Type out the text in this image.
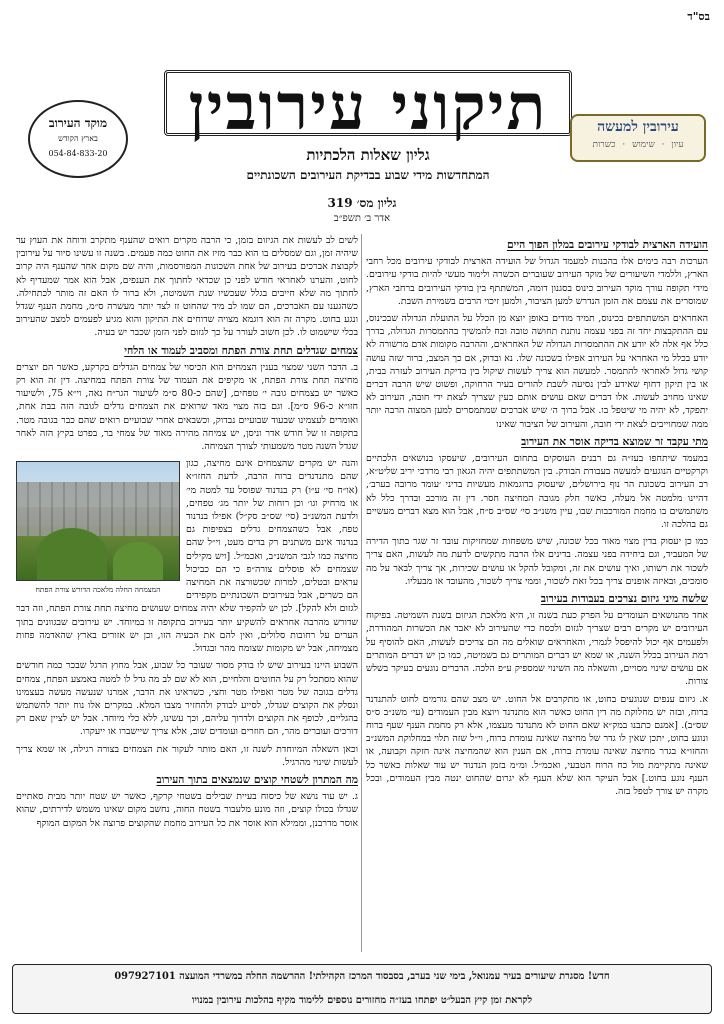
בס"ד
תיקוני עירובין
גליון שאלות הלכתיות
המתחדשות מידי שבוע בבדיקת העירובים השכונתיים
עירובין למעשה
עיון · שימוש · כשרות
מוקד העירוב
בארץ הקודש
054-84-833-20
גליון מס׳ 319
אדר ב׳ תשפ״ב
הועידה הארצית לבודקי עירובים במלון הפוך היים

הערכות רבה בימים אלו בהכנות למעמד הגדול של הועידה הארצית לבודקי עירובים מכל רחבי הארץ, וללמדי השיעורים של מוקד העירוב שעוברים הכשרה ולימוד מעשי להיות בודקי עירובים. מידי תקופה עורך מוקד העירוב כינוס בסגנון דומה, המשתתף בין בודקי העירובים ברחבי הארץ, שמוסרים את עצמם את הזמן הנדרש למען הציבור, ולמען זיכוי הרבים בשמירת השבת.

האחראים המשתתפים בכינוס, תמיד מודים באופן יוצא מן הכלל על התועלת הגדולה שבכינוס, עם ההתקבצות יחד זה בפני עצמה נותנת תחושה טובה וכח להמשיך בהתמסרות הגדולה, בדרך כלל אף אלה לא יודע את ההתמסרות הגדולה של האחראים, וההרבה מקומות אדם מרשורה לא יודע בכלל מי האחראי על העירוב אפילו בשכונה שלו. נא ובדוק, אם כך המצב, ברור שזה עושה קושי גדול לאחראי להתמסר. למעשה הוא צריך לעשות שיקול בין בדיקת העירוב לעזרה בבית, או בין תיקון דחוף שאידע לבין נסיעה לשבת להורים בעיר הרחוקה, ופשוט שיש הרבה דברים שאינו מחויב לעשות. אלו דברים שאם עושים אותם כעין שצריך לצאת ידי חובה, העירוב לא יתפקד, לא יהיה מי שיטפל בו. אבל ברוך ה׳ שיש אברכים שמתמסרים למען המצוה הרבה יותר ממה שמחוייבים לצאת ידי חובה, והעירוב של הציבור שאינו

מתי עקבד זר שמוצא בדיקה אוסר את העירוב

במעמד שיתחפו בעז״ה גם רבנים העוסקים בתחום העירובים, שיעסקו בנושאים הלכתיים וקרקטיים הנוגעים למעשה בעבודת הבודק. בין המשתתפים יהיה הגאון רבי מרדכי יריב שליט״א, רב העירוב בשכונת הר נוף בירושלים, שיעסוק בדוגמאות מעשיות בדיני ׳עומד מרובה בערב׳, דהיינו מלמטה אל מעלה, כאשר חלק מגובה המחיצה חסר. דין זה מורכב ובדרך כלל לא משתמשים בו מחמת המורכבות שבו, עיין משנ״ב סי׳ שס״ב ס״ח, אבל הוא מצא דברים מעשיים גם בהלכה זו.

כמו כן יעסוק בדין מצוי מאוד בכל שכונה, שיש משפחות שמחזיקות עובד זר שגר בתוך הדירה של המעביד, וגם ביחידה בפני עצמה. בדינים אלו הרבה מתקשים לדעת מה לעשות, האם צריך לשכור את רשותו, ואיך עושים את זה, ומקובל להקל או עושים שכירות, אך צריך לבאר על מה סומכים, ובאיזה אופנים צריך בכל זאת לשכור, וממי צריך לשכור, מהעובד או מבעליו.

שלשה מיני גיזום נצרכים בעבודות בעירוב

אחד מהנושאים העומדים על הפרק כעת בשנה זו, היא מלאכת הגיזום בשנת השמיטה. בפיקוח העירובים יש מקרים רבים שצריך לגזום ולכסח כדי שהעירוב לא יאבד את הכשרות המהודרת, ולפעמים אף יכול להיפסל לגמרי, והאחראים שואלים מה הם צריכים לעשות, האם להוסיף על רמת העירוב בכלל השנה, או שמא יש דברים המותרים גם בשמיטה, כמו כן יש דברים המותרים אם עושים שינוי מסויים, והשאלה מה השינוי שמספיק ע״פ הלכה. הדברים נוגעים בעיקר בשלש צורות.

א. גיזום ענפים שנוגעים בחוט, או מתקרבים אל החוט. יש מצב שהם גורמים לחוט להתנדנד ברוח, ובזה יש מחלוקת מה דין החוט כאשר הוא מתנדנד ויוצא מבין העמודים (עי׳ משנ״ב ס״ס שס״ב). [אמנם כתבנו במק״א שאם החוט לא מתנדנד מעצמו, אלא רק מחמת הענף שעף ברוח ונוגע בחוט, יתכן שאין לו גדר של מחיצה שאינה עומדת ברוח, וי״ל שזה תלוי במחלוקת המשנ״ב והחזו״א בגדר מחיצה שאינה עומדת ברוח, אם הענין הוא שהמחיצה אינה חזקה וקבועה, או שאינה מתקיימת מול כח הרוח הטבעי, ואכמ״ל. ומ״מ בזמן הנדנוד יש עוד שאלות כאשר כל הענף נוגע בחוט.] אבל העיקר הוא שלא הענף לא יגרום שהחוט ינטה מבין העמודים, ובכל מקרה יש צורך לטפל בזה.

לשים לב לעשות את הגיזום בזמן, כי הרבה מקרים רואים שהענף מתקרב ודוחה את העוץ עד שיהיה זמן, וגם שמסלים בו הוא כבר מזיז את החוט כמה פעמים. בשנה זו עשינו סיור על עירובין לקבוצת אברכים בעירוב של אחת השכונות המפורסמות, והיה שם מקום אחד שהענף היה קרוב לחוט, והערנו לאחראי חודש לפני כן שכדאי לחתוך את הענפים, אבל הוא אמר שמעדיף לא לחתוך מה שלא חייבים בגלל שעכשיו שנת השמיטה, ולא ברור לו האם זה מותר לכתחילה. כשהגענו עם האברכים, הם שמו לב מיד שהחוט זז לצד יותר מעשרה ס״מ, מחמת הענף שגדל ונגע בחוט. מקרה זה הוא דוגמא מצויה שדוחים את התיקון והוא מגיע לפעמים למצב שהעירוב בכלי שישמוט לו. לכן חשוב לעורר על כך לגזום לפני הזמן שכבר יש בעיה.

צמחים שגדלים תחת צורת הפתח ומסביב לעמוד או הלחי

ב. הדבר השני שמצוי בענין הצמחים הוא הכיסוי של צמחים הגדלים בקרקע, כאשר הם יוצרים מחיצה תחת צורת הפתח, או מקיפים את העמוד של צורת הפתח במחיצה. דין זה הוא רק כאשר יש בצמחים גובה י׳ טפחים, [שהם כ-80 ס״מ לשיעור הגר״ח נאה, וי״א 75, ולשיעור חזו״א כ-96 ס״מ]. וגם בזה מצוי מאד שרואים את הצמחים גדלים לגובה הזה בבת אחת, ואומרים לעצמינו שבעוד שבועיים נבדוק, וכשבאים אחרי שבועיים רואים שהם כבר בגובה מטר. בתקופה זו של חודש אדר וניסן, יש צמיחה מהירה מאוד של צמחי בר, בפרט בקיץ הזה לאחר שגדל השנה מטר משמעותי לצורך הצמיחה.

המצמחה החלה מלאכה הדורש צורת הפתח

והנה יש מקרים שהצמחים אינם מחיצה, כגון שהם מתנדנדים ברוח הרבה, לדעת החזו״א (או״ח סי׳ ע״ו) רק בנדנוד שפוסל עד למטה מי׳ או מרחיק וגו׳ וכן רוחות של יותר מג׳ טפחים, ולדעת המשנ״ב (סי׳ שס״ב סק״ל) אפילו בנדנוד טפח, אבל כשהצמחים גדלים בצפיפות גם בנדנוד אינם משתנים רק בדים מעט, וי״ל שהם מחיצה כמו לגבי המשנ״ב, ואכמ״ל. [ויש מקילים שצמחים לא פוסלים צורה״פ כי הם כביכול עראים ובטלים, למרות שכשורצה את המחיצה הם כשרים, אבל בעירובים השכונתיים מקפידים לגזום ולא להקל]. לכן יש להקפיד שלא יהיה צמחים שעושים מחיצה תחת צורת הפתח, וזה דבר שדורש מהרבה אחראים להשקיע יותר בעירוב בתקופה זו במיוחד. יש עירובים שבגוונים בתוך הערים על רחובות סלולים, ואין להם את הבעיה הזו, וכן יש אזורים בארץ שהאדמה פחות מצמיחה, אבל יש מקומות שצומח מהר ובגדול.

השבוע היינו בעירוב שיש לו בודק מסור שעובר כל שבוע, אבל מחוץ הרגל שבכר כמה חודשים שהוא מסתכל רק על החוטים והלחיים, הוא לא שם לב מה גדל לו למטה באמצע הפתח, צמחים גדלים בגובה של מטר ואפילו מטר וחצי, כשראינו את הדבר, אמרנו שנעשה מעשה בעצמינו ונסלק את הקוצים שגדלו, לסייע לבודק ולהחזיר מצבו המלא. במקרים אלו נוח יותר להשתמש בהגליים, לכופף את הקוצים ולדרוך עליהם, וכך עשינו, ללא כלי מיוחד. אבל יש לציין שאם רק דורכים ועוברים מהר, הם חוזרים ועומדים שוב, אלא צריך שיישברו או ייעקרו.

וכאן השאלה המיוחדת לשנה זו, האם מותר לעקור את הצמחים בצורה רגילה, או שמא צריך לעשות שינוי מהרגיל.

מה המתרון לשטחי קוצים שנמצאים בתוך העירוב

ג. יש עוד נושא של כיסוח בעיית שבילים בשטחי קרקף, כאשר יש שטח יותר מבית סאתיים שגדלו בכולו קוצים, וזה מונע מלעבור בשטח החוה, נחשב מקום שאינו משמש לדירתים, שהוא אוסר מדרבנן, וממילא הוא אוסר את כל העירוב מחמת שהקוצים פרוצה אל המקום המוקף

חדש! מסגרת שיעורים בעיר עמנואל, בימי שני בערב, בסבסוד המרכז הקהילתי! ההרשמה החלה במשרדי המועצה 097927101
לקראת זמן קיץ הבעל״ט יפתחו בעז״ה מחזורים נוספים ללימוד מקיף בהלכות עירובין במנויו
